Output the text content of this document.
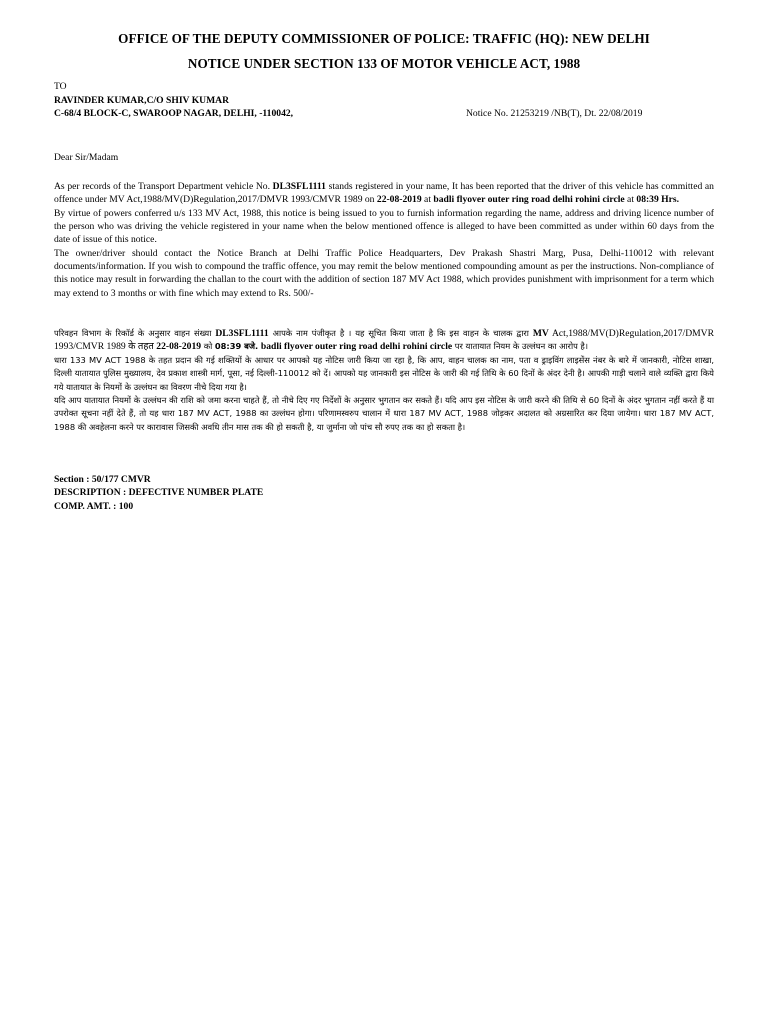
OFFICE OF THE DEPUTY COMMISSIONER OF POLICE: TRAFFIC (HQ): NEW DELHI
NOTICE UNDER SECTION 133 OF MOTOR VEHICLE ACT, 1988
TO
RAVINDER KUMAR,C/O SHIV KUMAR
C-68/4 BLOCK-C, SWAROOP NAGAR, DELHI, -110042,	Notice No. 21253219 /NB(T), Dt. 22/08/2019
Dear Sir/Madam

As per records of the Transport Department vehicle No. DL3SFL1111 stands registered in your name, It has been reported that the driver of this vehicle has committed an offence under MV Act,1988/MV(D)Regulation,2017/DMVR 1993/CMVR 1989 on 22-08-2019 at badli flyover outer ring road delhi rohini circle at 08:39 Hrs.

By virtue of powers conferred u/s 133 MV Act, 1988, this notice is being issued to you to furnish information regarding the name, address and driving licence number of the person who was driving the vehicle registered in your name when the below mentioned offence is alleged to have been committed as under within 60 days from the date of issue of this notice.

The owner/driver should contact the Notice Branch at Delhi Traffic Police Headquarters, Dev Prakash Shastri Marg, Pusa, Delhi-110012 with relevant documents/information. If you wish to compound the traffic offence, you may remit the below mentioned compounding amount as per the instructions. Non-compliance of this notice may result in forwarding the challan to the court with the addition of section 187 MV Act 1988, which provides punishment with imprisonment for a term which may extend to 3 months or with fine which may extend to Rs. 500/-

परिवहन विभाग के रिकॉर्ड के अनुसार वाहन संख्या DL3SFL1111 आपके नाम पंजीकृत है । यह सूचित किया जाता है कि इस वाहन के चालक द्वारा MV Act,1988/MV(D)Regulation,2017/DMVR 1993/CMVR 1989 के तहत 22-08-2019 को 08:39 बजे. badli flyover outer ring road delhi rohini circle पर यातायात नियम के उल्लंघन का आरोप है।

धारा 133 MV ACT 1988 के तहत प्रदान की गई शक्तियों के आधार पर आपको यह नोटिस जारी किया जा रहा है, कि आप, वाहन चालक का नाम, पता व ड्राइविंग लाइसेंस नंबर के बारे में जानकारी, नोटिस शाखा, दिल्ली यातायात पुलिस मुख्यालय, देव प्रकाश शास्त्री मार्ग, पूसा, नई दिल्ली-110012 को दें। आपको यह जानकारी इस नोटिस के जारी की गई तिथि के 60 दिनों के अंदर देनी है। आपकी गाड़ी चलाने वाले व्यक्ति द्वारा किये गये यातायात के नियमों के उल्लंघन का विवरण नीचे दिया गया है।

यदि आप यातायात नियमों के उल्लंघन की राशि को जमा करना चाहते हैं, तो नीचे दिए गए निर्देशों के अनुसार भुगतान कर सकते हैं। यदि आप इस नोटिस के जारी करने की तिथि से 60 दिनों के अंदर भुगतान नहीं करते हैं या उपरोक्त सूचना नहीं देते हैं, तो यह धारा 187 MV ACT, 1988 का उल्लंघन होगा। परिणामस्वरुप चालान में धारा 187 MV ACT, 1988 जोड़कर अदालत को अग्रसारित कर दिया जायेगा। धारा 187 MV ACT, 1988 की अवहेलना करने पर कारावास जिसकी अवधि तीन मास तक की हो सकती है, या जुर्माना जो पांच सौ रुपए तक का हो सकता है।

Section : 50/177 CMVR
DESCRIPTION : DEFECTIVE NUMBER PLATE
COMP. AMT. : 100
